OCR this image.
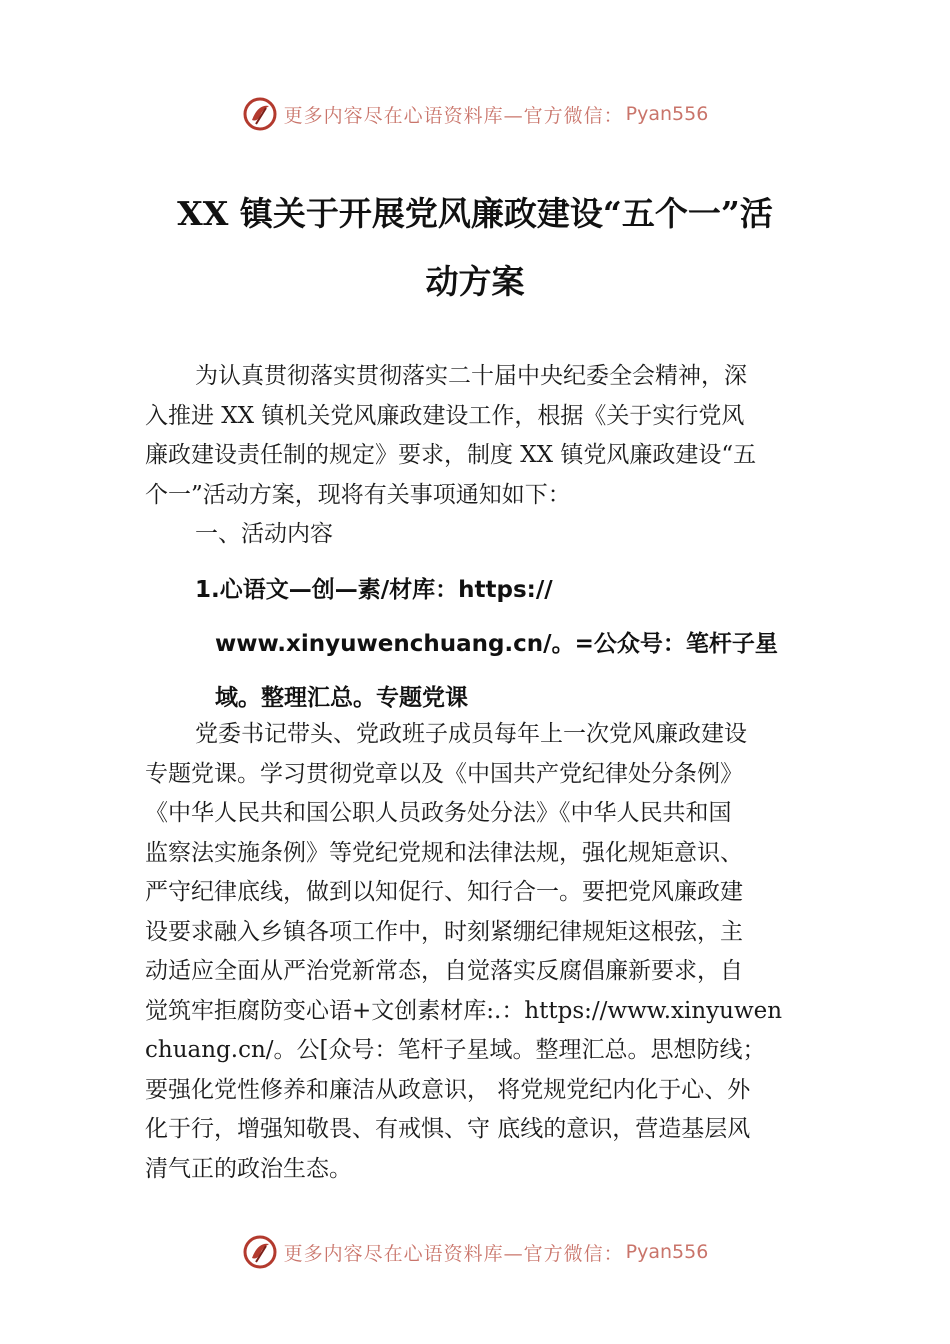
更多内容尽在心语资料库—官方微信： Pyan556
XX 镇关于开展党风廉政建设“五个一”活
动方案
为认真贯彻落实贯彻落实二十届中央纪委全会精神，深
入推进 XX 镇机关党风廉政建设工作，根据《关于实行党风
廉政建设责任制的规定》要求，制度 XX 镇党风廉政建设“五
个一”活动方案，现将有关事项通知如下：
一、活动内容
1.心语文—创—素/材库：https://
www.xinyuwenchuang.cn/。=公众号：笔杆子星
域。整理汇总。专题党课
党委书记带头、党政班子成员每年上一次党风廉政建设
专题党课。学习贯彻党章以及《中国共产党纪律处分条例》
《中华人民共和国公职人员政务处分法》《中华人民共和国
监察法实施条例》等党纪党规和法律法规，强化规矩意识、
严守纪律底线，做到以知促行、知行合一。要把党风廉政建
设要求融入乡镇各项工作中，时刻紧绷纪律规矩这根弦，主
动适应全面从严治党新常态，自觉落实反腐倡廉新要求，自
觉筑牢拒腐防变心语+文创素材库:.：https://www.xinyuwen
chuang.cn/。公[众号：笔杆子星域。整理汇总。思想防线；
要强化党性修养和廉洁从政意识， 将党规党纪内化于心、外
化于行，增强知敬畏、有戒惧、守 底线的意识，营造基层风
清气正的政治生态。
更多内容尽在心语资料库—官方微信： Pyan556
